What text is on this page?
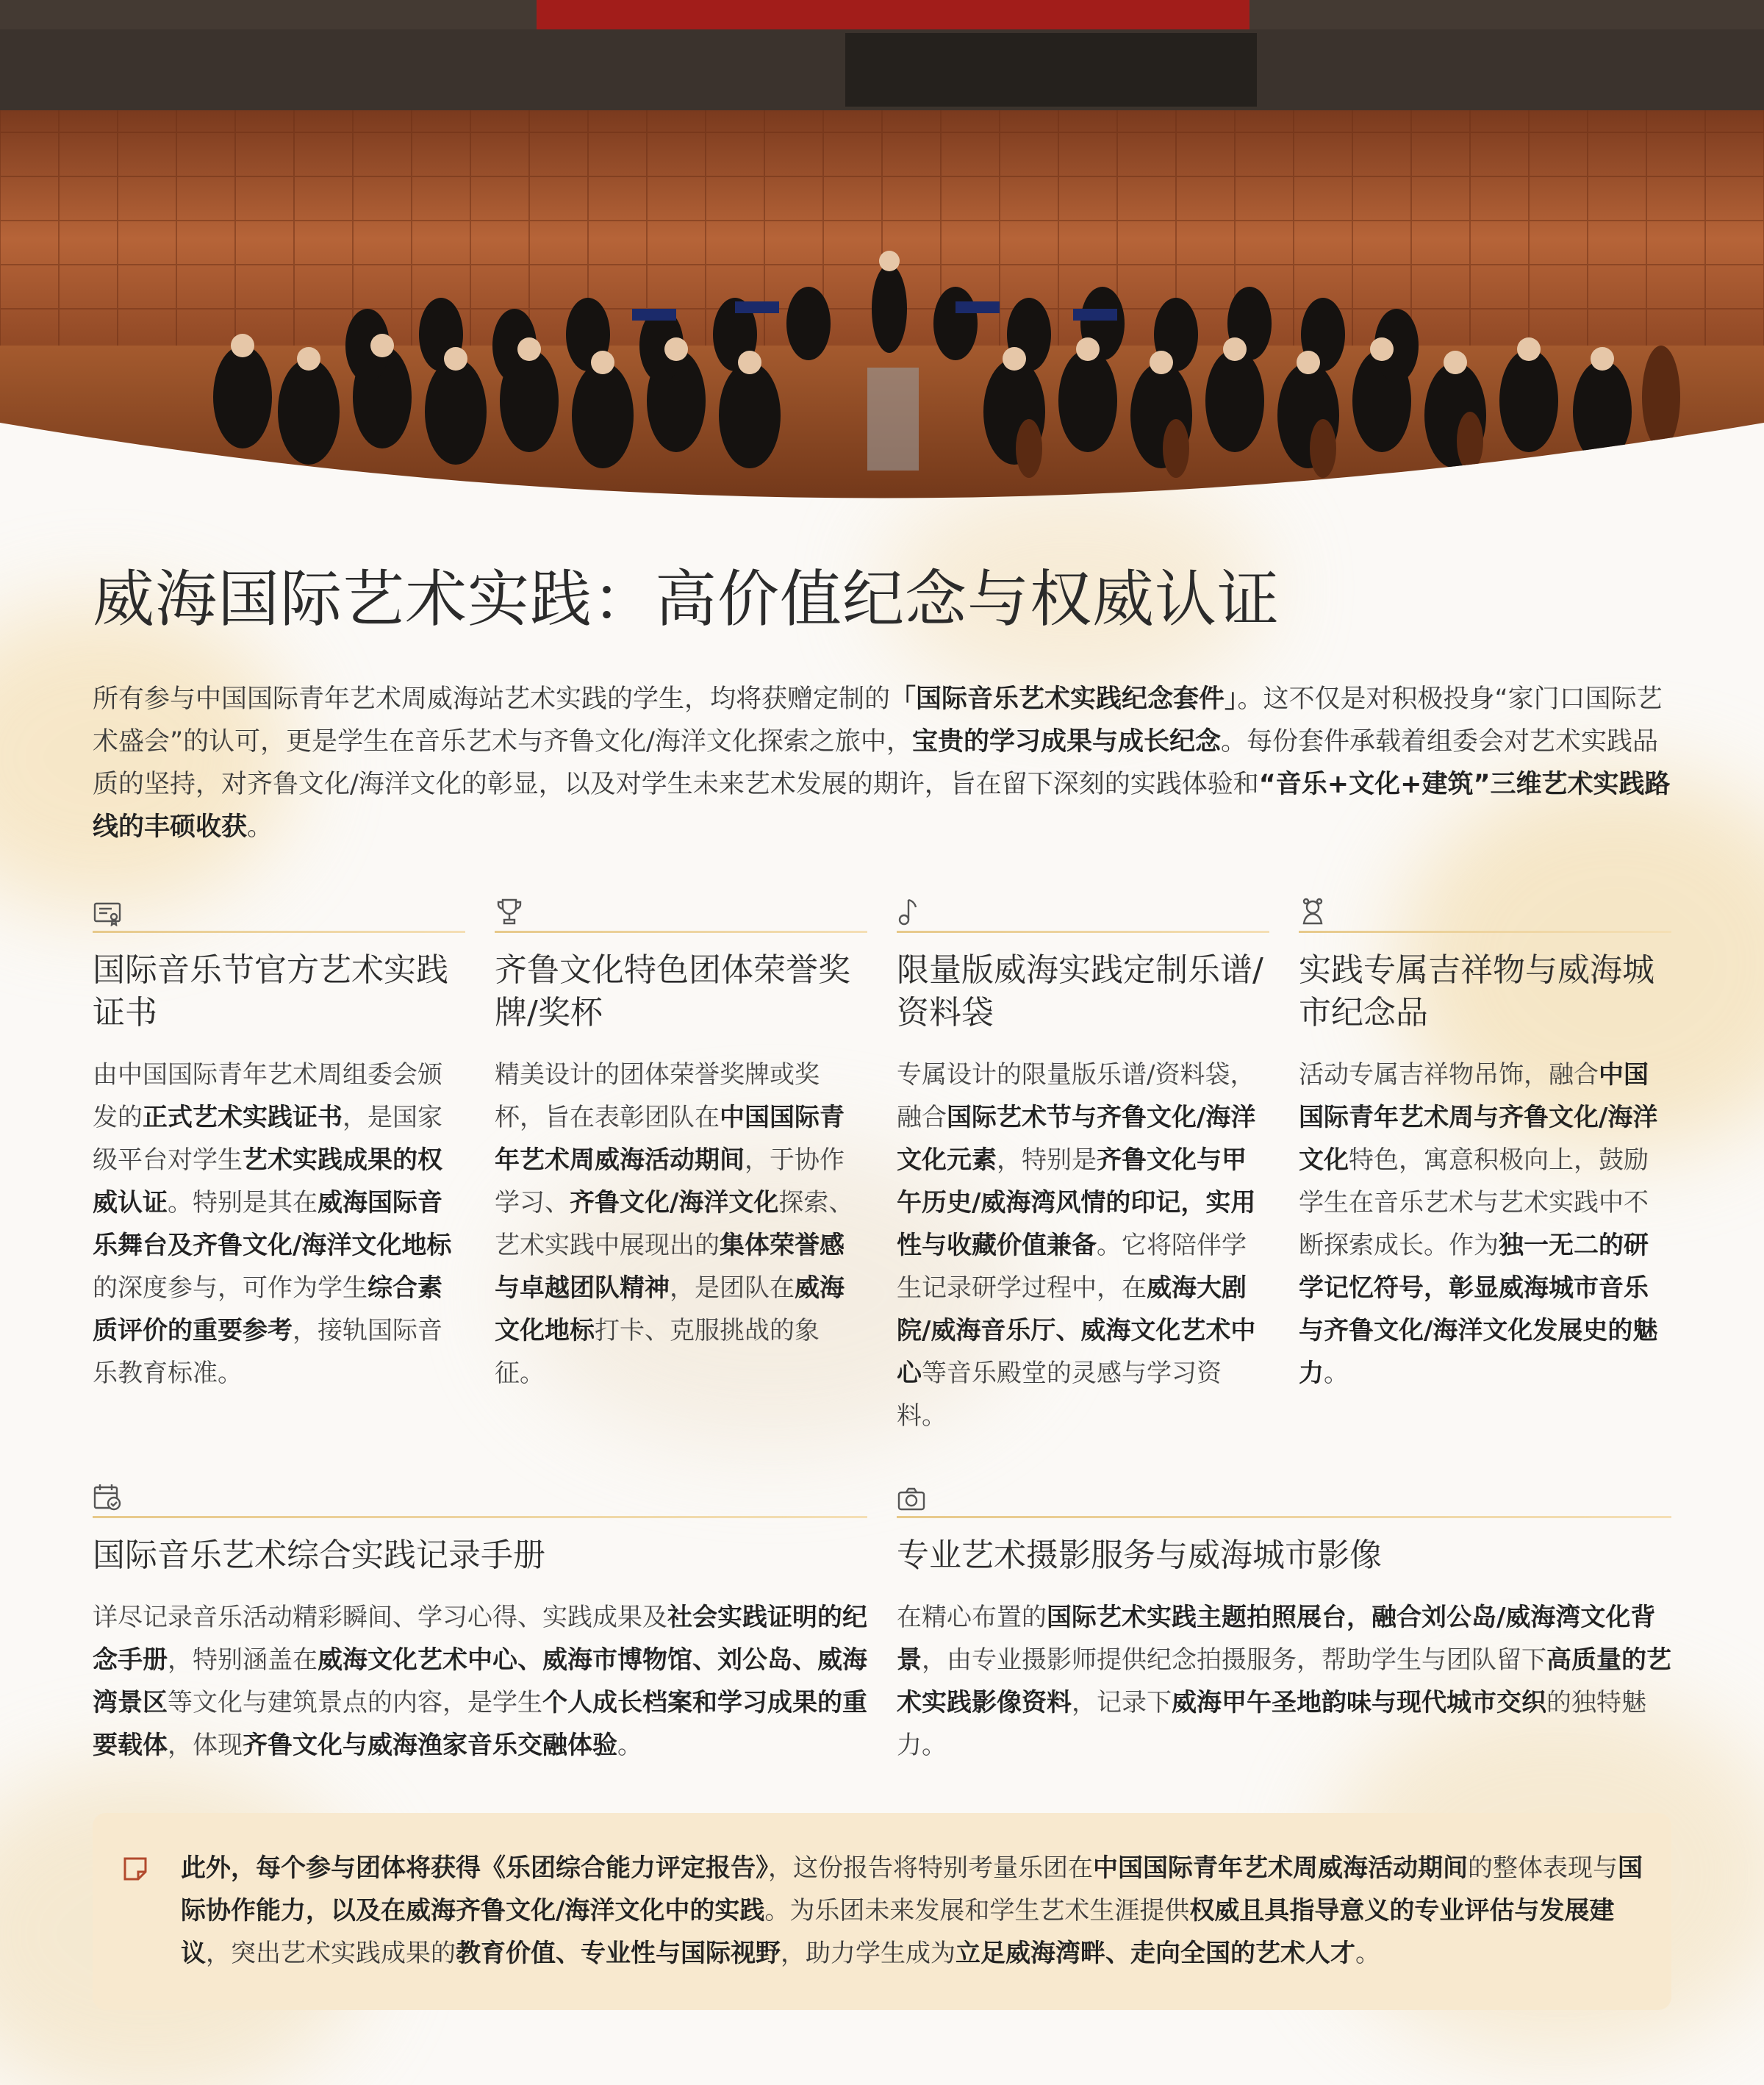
威海国际艺术实践：高价值纪念与权威认证
所有参与中国国际青年艺术周威海站艺术实践的学生，均将获赠定制的「国际音乐艺术实践纪念套件」。这不仅是对积极投身“家门口国际艺术盛会”的认可，更是学生在音乐艺术与齐鲁文化/海洋文化探索之旅中，宝贵的学习成果与成长纪念。每份套件承载着组委会对艺术实践品质的坚持，对齐鲁文化/海洋文化的彰显，以及对学生未来艺术发展的期许，旨在留下深刻的实践体验和“音乐+文化+建筑”三维艺术实践路线的丰硕收获。
国际音乐节官方艺术实践证书

由中国国际青年艺术周组委会颁发的正式艺术实践证书，是国家级平台对学生艺术实践成果的权威认证。特别是其在威海国际音乐舞台及齐鲁文化/海洋文化地标的深度参与，可作为学生综合素质评价的重要参考，接轨国际音乐教育标准。

齐鲁文化特色团体荣誉奖牌/奖杯

精美设计的团体荣誉奖牌或奖杯，旨在表彰团队在中国国际青年艺术周威海活动期间，于协作学习、齐鲁文化/海洋文化探索、艺术实践中展现出的集体荣誉感与卓越团队精神，是团队在威海文化地标打卡、克服挑战的象征。

限量版威海实践定制乐谱/资料袋

专属设计的限量版乐谱/资料袋，融合国际艺术节与齐鲁文化/海洋文化元素，特别是齐鲁文化与甲午历史/威海湾风情的印记，实用性与收藏价值兼备。它将陪伴学生记录研学过程中，在威海大剧院/威海音乐厅、威海文化艺术中心等音乐殿堂的灵感与学习资料。

实践专属吉祥物与威海城市纪念品

活动专属吉祥物吊饰，融合中国国际青年艺术周与齐鲁文化/海洋文化特色，寓意积极向上，鼓励学生在音乐艺术与艺术实践中不断探索成长。作为独一无二的研学记忆符号，彰显威海城市音乐与齐鲁文化/海洋文化发展史的魅力。

国际音乐艺术综合实践记录手册

详尽记录音乐活动精彩瞬间、学习心得、实践成果及社会实践证明的纪念手册，特别涵盖在威海文化艺术中心、威海市博物馆、刘公岛、威海湾景区等文化与建筑景点的内容，是学生个人成长档案和学习成果的重要载体，体现齐鲁文化与威海渔家音乐交融体验。

专业艺术摄影服务与威海城市影像

在精心布置的国际艺术实践主题拍照展台，融合刘公岛/威海湾文化背景，由专业摄影师提供纪念拍摄服务，帮助学生与团队留下高质量的艺术实践影像资料，记录下威海甲午圣地韵味与现代城市交织的独特魅力。

此外，每个参与团体将获得《乐团综合能力评定报告》，这份报告将特别考量乐团在中国国际青年艺术周威海活动期间的整体表现与国际协作能力，以及在威海齐鲁文化/海洋文化中的实践。为乐团未来发展和学生艺术生涯提供权威且具指导意义的专业评估与发展建议，突出艺术实践成果的教育价值、专业性与国际视野，助力学生成为立足威海湾畔、走向全国的艺术人才。
